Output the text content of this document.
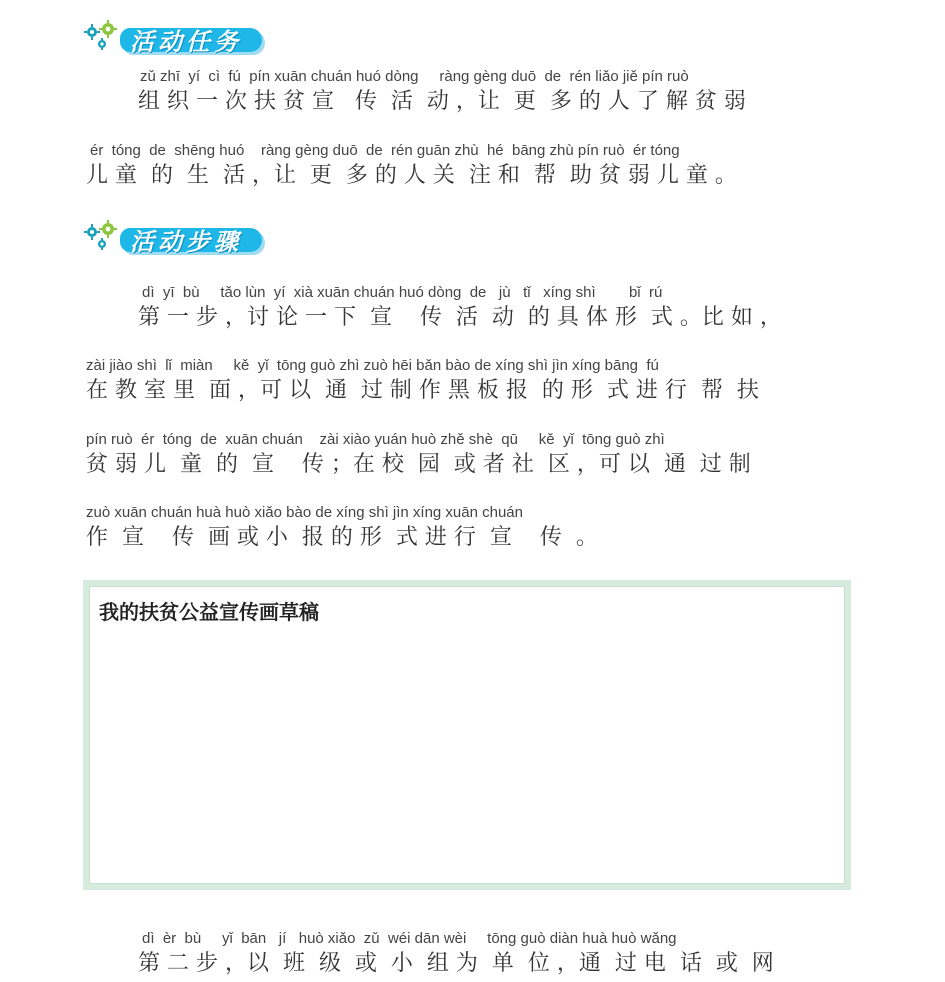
活动任务
zǔ zhī  yí  cì  fú  pín xuān chuán huó dòng     ràng gèng duō  de  rén liǎo jiě pín ruò
组 织 一 次 扶 贫 宣   传  活  动 ，让  更  多 的 人 了 解 贫 弱
ér  tóng  de  shēng huó    ràng gèng duō  de  rén guān zhù  hé  bāng zhù pín ruò  ér tóng
儿 童  的  生  活 ，让  更  多 的 人 关  注 和  帮  助 贫 弱 儿 童 。
活动步骤
dì  yī  bù     tǎo lùn  yí  xià xuān chuán huó dòng  de   jù   tǐ   xíng shì        bǐ  rú
第 一 步 ，讨 论 一 下  宣    传  活  动  的 具 体 形  式 。比 如 ，
zài jiào shì  lǐ  miàn     kě  yǐ  tōng guò zhì zuò hēi bǎn bào de xíng shì jìn xíng bāng  fú
在 教 室 里  面 ，可 以  通  过 制 作 黑 板 报  的 形  式 进 行  帮  扶
pín ruò  ér  tóng  de  xuān chuán    zài xiào yuán huò zhě shè  qū     kě  yǐ  tōng guò zhì
贫 弱 儿  童  的  宣    传 ；在 校  园  或 者 社  区 ，可 以  通  过 制
zuò xuān chuán huà huò xiǎo bào de xíng shì jìn xíng xuān chuán
作  宣    传  画 或 小  报 的 形  式 进 行  宣    传  。
我的扶贫公益宣传画草稿
dì  èr  bù     yǐ  bān   jí   huò xiǎo  zǔ  wéi dān wèi     tōng guò diàn huà huò wǎng
第 二 步 ，以  班  级  或  小  组 为  单  位 ，通  过 电  话  或  网
